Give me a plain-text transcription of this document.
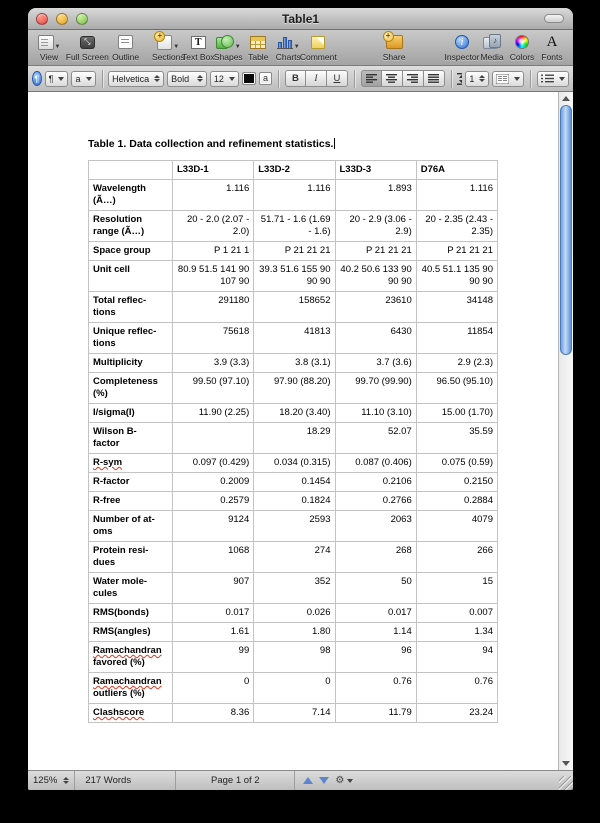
Table1
▼
View
⤡ Full Screen Outline
+
▼
Sections
T
Text Box
▼
Shapes Table
▼
Charts Comment
+	Share
i	Inspector
♪ Media Colors
A Fonts
¶ ¶ a	Helvetica Bold	12	a	B	I	U	1
Table 1. Data collection and refinement statistics.
	L33D-1	L33D-2	L33D-3	D76A

Wavelength
(Ã…)	1.116	1.116	1.893	1.116

Resolution
range (Ã…)	20 - 2.0 (2.07 - 2.0)	51.71 - 1.6 (1.69 - 1.6)	20 - 2.9 (3.06 - 2.9)	20 - 2.35 (2.43 - 2.35)

Space group	P 1 21 1	P 21 21 21	P 21 21 21	P 21 21 21

Unit cell	80.9 51.5 141 90 107 90	39.3 51.6 155 90 90 90	40.2 50.6 133 90 90 90	40.5 51.1 135 90 90 90

Total reflec-
tions	291180	158652	23610	34148

Unique reflec-
tions	75618	41813	6430	11854

Multiplicity	3.9 (3.3)	3.8 (3.1)	3.7 (3.6)	2.9 (2.3)

Completeness
(%)	99.50 (97.10)	97.90 (88.20)	99.70 (99.90)	96.50 (95.10)

I/sigma(I)	11.90 (2.25)	18.20 (3.40)	11.10 (3.10)	15.00 (1.70)

Wilson B-
factor		18.29	52.07	35.59

R-sym	0.097 (0.429)	0.034 (0.315)	0.087 (0.406)	0.075 (0.59)

R-factor	0.2009	0.1454	0.2106	0.2150

R-free	0.2579	0.1824	0.2766	0.2884

Number of at-
oms	9124	2593	2063	4079

Protein resi-
dues	1068	274	268	266

Water mole-
cules	907	352	50	15

RMS(bonds)	0.017	0.026	0.017	0.007

RMS(angles)	1.61	1.80	1.14	1.34

Ramachandran
favored (%)	99	98	96	94

Ramachandran
outliers (%)	0	0	0.76	0.76

Clashscore	8.36	7.14	11.79	23.24
125%	217 Words	Page 1 of 2	⚙
